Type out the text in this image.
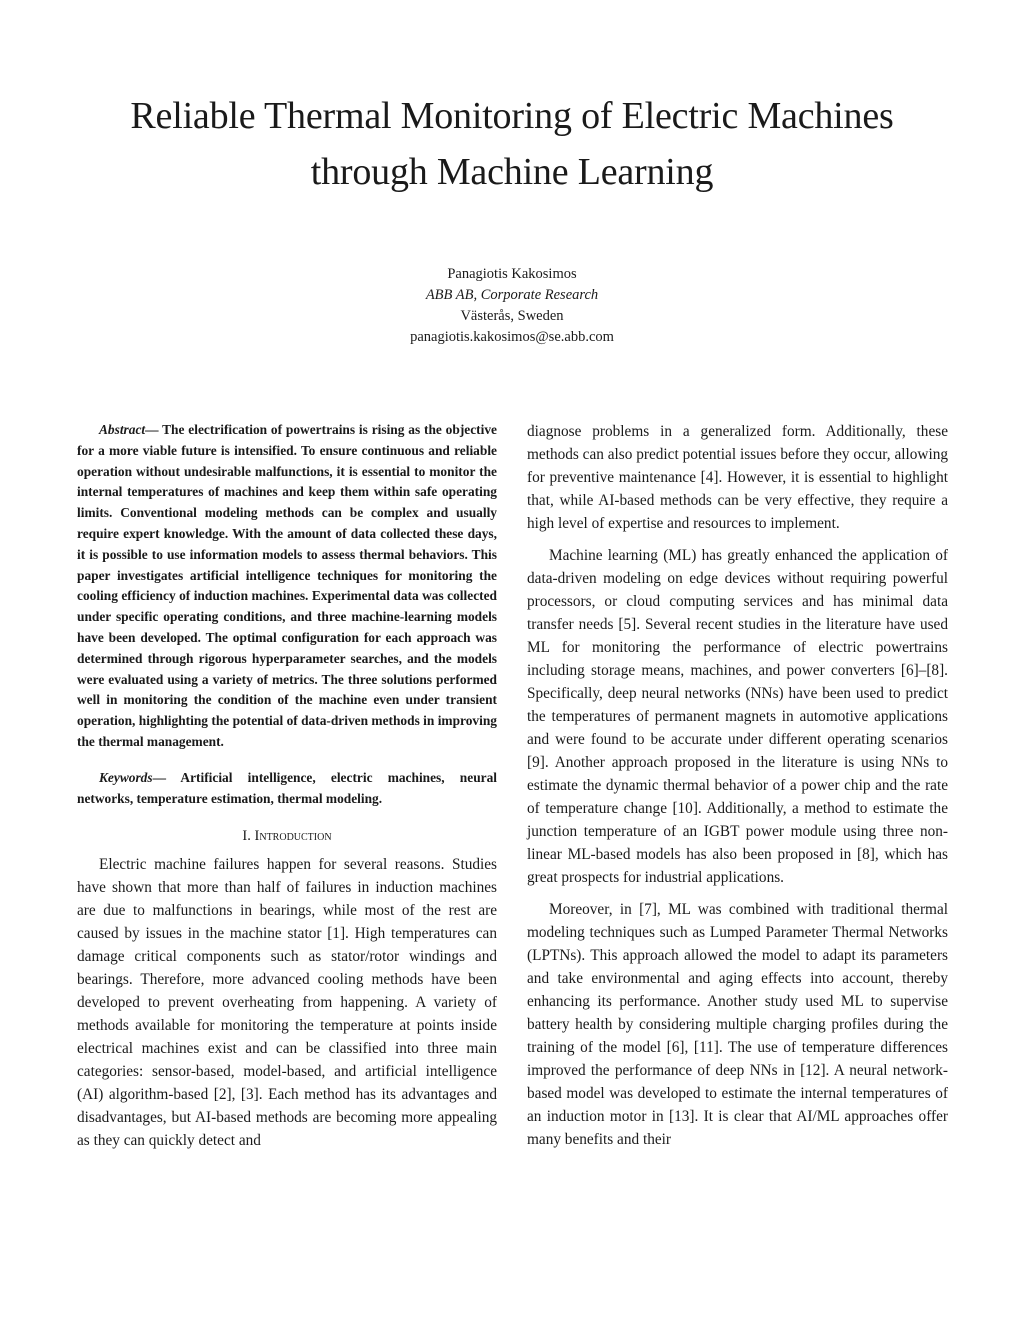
Reliable Thermal Monitoring of Electric Machines
through Machine Learning
Panagiotis Kakosimos
ABB AB, Corporate Research
Västerås, Sweden
panagiotis.kakosimos@se.abb.com

Abstract— The electrification of powertrains is rising as the objective for a more viable future is intensified. To ensure continuous and reliable operation without undesirable malfunctions, it is essential to monitor the internal temperatures of machines and keep them within safe operating limits. Conventional modeling methods can be complex and usually require expert knowledge. With the amount of data collected these days, it is possible to use information models to assess thermal behaviors. This paper investigates artificial intelligence techniques for monitoring the cooling efficiency of induction machines. Experimental data was collected under specific operating conditions, and three machine-learning models have been developed. The optimal configuration for each approach was determined through rigorous hyperparameter searches, and the models were evaluated using a variety of metrics. The three solutions performed well in monitoring the condition of the machine even under transient operation, highlighting the potential of data-driven methods in improving the thermal management.

Keywords— Artificial intelligence, electric machines, neural networks, temperature estimation, thermal modeling.

I. Introduction

Electric machine failures happen for several reasons. Studies have shown that more than half of failures in induction machines are due to malfunctions in bearings, while most of the rest are caused by issues in the machine stator [1]. High temperatures can damage critical components such as stator/rotor windings and bearings. Therefore, more advanced cooling methods have been developed to prevent overheating from happening. A variety of methods available for monitoring the temperature at points inside electrical machines exist and can be classified into three main categories: sensor-based, model-based, and artificial intelligence (AI) algorithm-based [2], [3]. Each method has its advantages and disadvantages, but AI-based methods are becoming more appealing as they can quickly detect and

diagnose problems in a generalized form. Additionally, these methods can also predict potential issues before they occur, allowing for preventive maintenance [4]. However, it is essential to highlight that, while AI-based methods can be very effective, they require a high level of expertise and resources to implement.

Machine learning (ML) has greatly enhanced the application of data-driven modeling on edge devices without requiring powerful processors, or cloud computing services and has minimal data transfer needs [5]. Several recent studies in the literature have used ML for monitoring the performance of electric powertrains including storage means, machines, and power converters [6]–[8]. Specifically, deep neural networks (NNs) have been used to predict the temperatures of permanent magnets in automotive applications and were found to be accurate under different operating scenarios [9]. Another approach proposed in the literature is using NNs to estimate the dynamic thermal behavior of a power chip and the rate of temperature change [10]. Additionally, a method to estimate the junction temperature of an IGBT power module using three non-linear ML-based models has also been proposed in [8], which has great prospects for industrial applications.

Moreover, in [7], ML was combined with traditional thermal modeling techniques such as Lumped Parameter Thermal Networks (LPTNs). This approach allowed the model to adapt its parameters and take environmental and aging effects into account, thereby enhancing its performance. Another study used ML to supervise battery health by considering multiple charging profiles during the training of the model [6], [11]. The use of temperature differences improved the performance of deep NNs in [12]. A neural network-based model was developed to estimate the internal temperatures of an induction motor in [13]. It is clear that AI/ML approaches offer many benefits and their
